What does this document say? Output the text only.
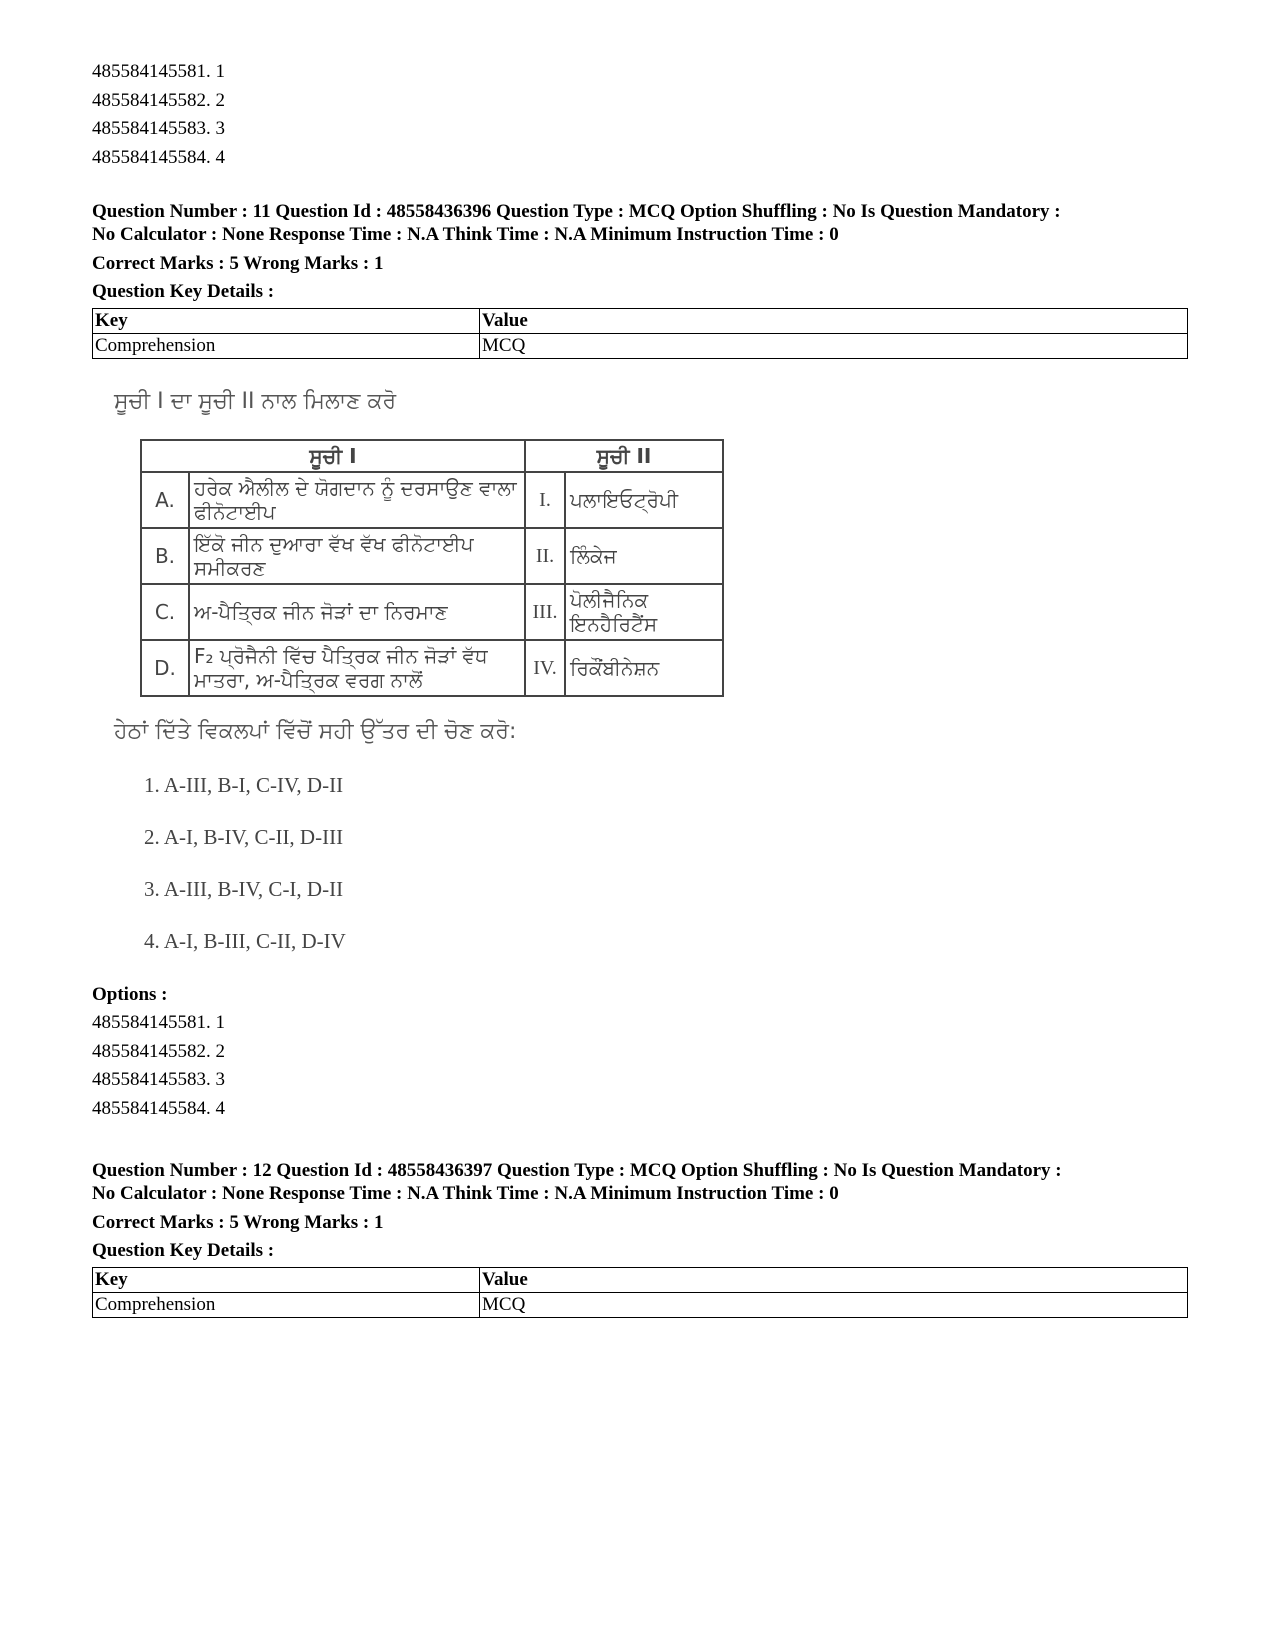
485584145581. 1
485584145582. 2
485584145583. 3
485584145584. 4
Question Number : 11 Question Id : 48558436396 Question Type : MCQ Option Shuffling : No Is Question Mandatory :
No Calculator : None Response Time : N.A Think Time : N.A Minimum Instruction Time : 0
Correct Marks : 5 Wrong Marks : 1
Question Key Details :
Key	Value
Comprehension	MCQ
ਸੂਚੀ I ਦਾ ਸੂਚੀ II ਨਾਲ ਮਿਲਾਣ ਕਰੋ
ਸੂਚੀ I		ਸੂਚੀ II	
A.	ਹਰੇਕ ਐਲੀਲ ਦੇ ਯੋਗਦਾਨ ਨੂੰ ਦਰਸਾਉਣ ਵਾਲਾ ਫੀਨੋਟਾਈਪ	I.	ਪਲਾਇਓਟ੍ਰੋਪੀ
B.	ਇੱਕੋ ਜੀਨ ਦੁਆਰਾ ਵੱਖ ਵੱਖ ਫੀਨੋਟਾਈਪ ਸਮੀਕਰਣ	II.	ਲਿੰਕੇਜ
C.	ਅ-ਪੈਤ੍ਰਿਕ ਜੀਨ ਜੋੜਾਂ ਦਾ ਨਿਰਮਾਣ	III.	ਪੋਲੀਜੈਨਿਕ ਇਨਹੈਰਿਟੈਂਸ
D.	F₂ ਪ੍ਰੋਜੈਨੀ ਵਿੱਚ ਪੈਤ੍ਰਿਕ ਜੀਨ ਜੋੜਾਂ ਵੱਧ ਮਾਤਰਾ, ਅ-ਪੈਤ੍ਰਿਕ ਵਰਗ ਨਾਲੋਂ	IV.	ਰਿਕੌਂਬੀਨੇਸ਼ਨ
ਹੇਠਾਂ ਦਿੱਤੇ ਵਿਕਲਪਾਂ ਵਿੱਚੋਂ ਸਹੀ ਉੱਤਰ ਦੀ ਚੋਣ ਕਰੋ:
1. A-III, B-I, C-IV, D-II
2. A-I, B-IV, C-II, D-III
3. A-III, B-IV, C-I, D-II
4. A-I, B-III, C-II, D-IV
Options :
485584145581. 1
485584145582. 2
485584145583. 3
485584145584. 4
Question Number : 12 Question Id : 48558436397 Question Type : MCQ Option Shuffling : No Is Question Mandatory :
No Calculator : None Response Time : N.A Think Time : N.A Minimum Instruction Time : 0
Correct Marks : 5 Wrong Marks : 1
Question Key Details :
Key	Value
Comprehension	MCQ
